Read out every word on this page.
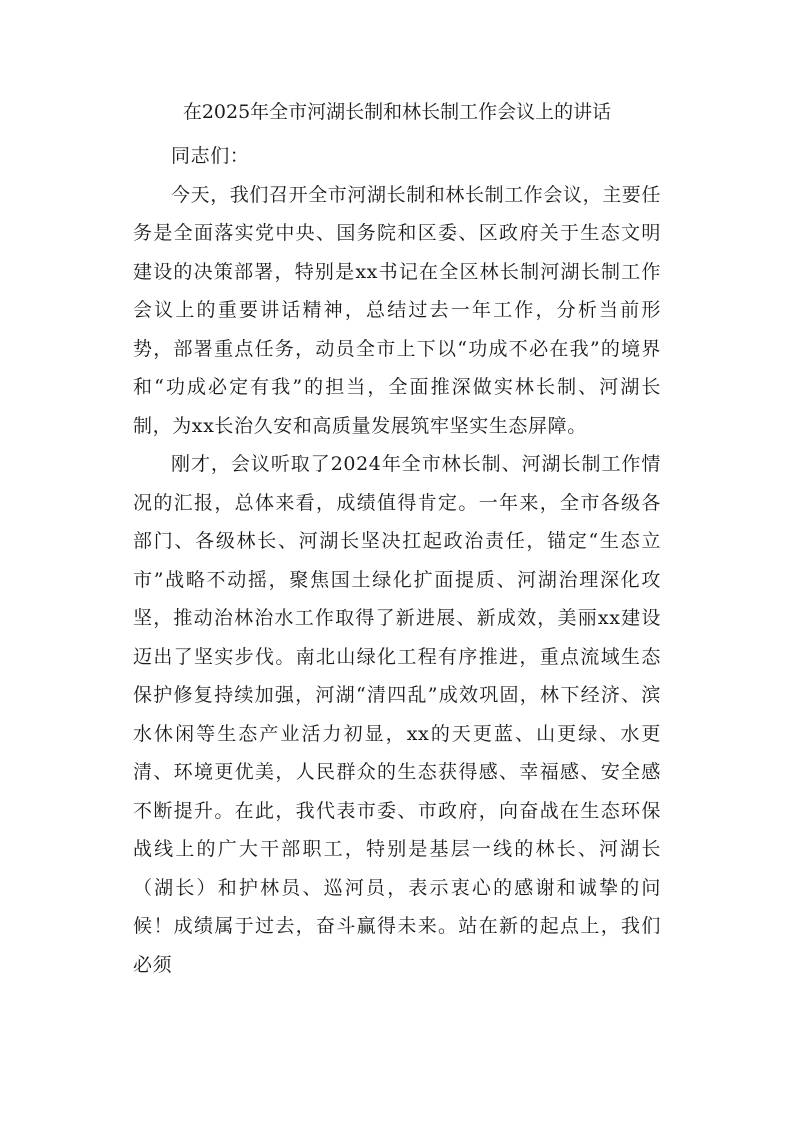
在2025年全市河湖长制和林长制工作会议上的讲话

同志们：

今天，我们召开全市河湖长制和林长制工作会议，主要任务是全面落实党中央、国务院和区委、区政府关于生态文明建设的决策部署，特别是xx书记在全区林长制河湖长制工作会议上的重要讲话精神，总结过去一年工作，分析当前形势，部署重点任务，动员全市上下以“功成不必在我”的境界和“功成必定有我”的担当，全面推深做实林长制、河湖长制，为xx长治久安和高质量发展筑牢坚实生态屏障。

刚才，会议听取了2024年全市林长制、河湖长制工作情况的汇报，总体来看，成绩值得肯定。一年来，全市各级各部门、各级林长、河湖长坚决扛起政治责任，锚定“生态立市”战略不动摇，聚焦国土绿化扩面提质、河湖治理深化攻坚，推动治林治水工作取得了新进展、新成效，美丽xx建设迈出了坚实步伐。南北山绿化工程有序推进，重点流域生态保护修复持续加强，河湖“清四乱”成效巩固，林下经济、滨水休闲等生态产业活力初显，xx的天更蓝、山更绿、水更清、环境更优美，人民群众的生态获得感、幸福感、安全感不断提升。在此，我代表市委、市政府，向奋战在生态环保战线上的广大干部职工，特别是基层一线的林长、河湖长（湖长）和护林员、巡河员，表示衷心的感谢和诚挚的问候！成绩属于过去，奋斗赢得未来。站在新的起点上，我们必须
